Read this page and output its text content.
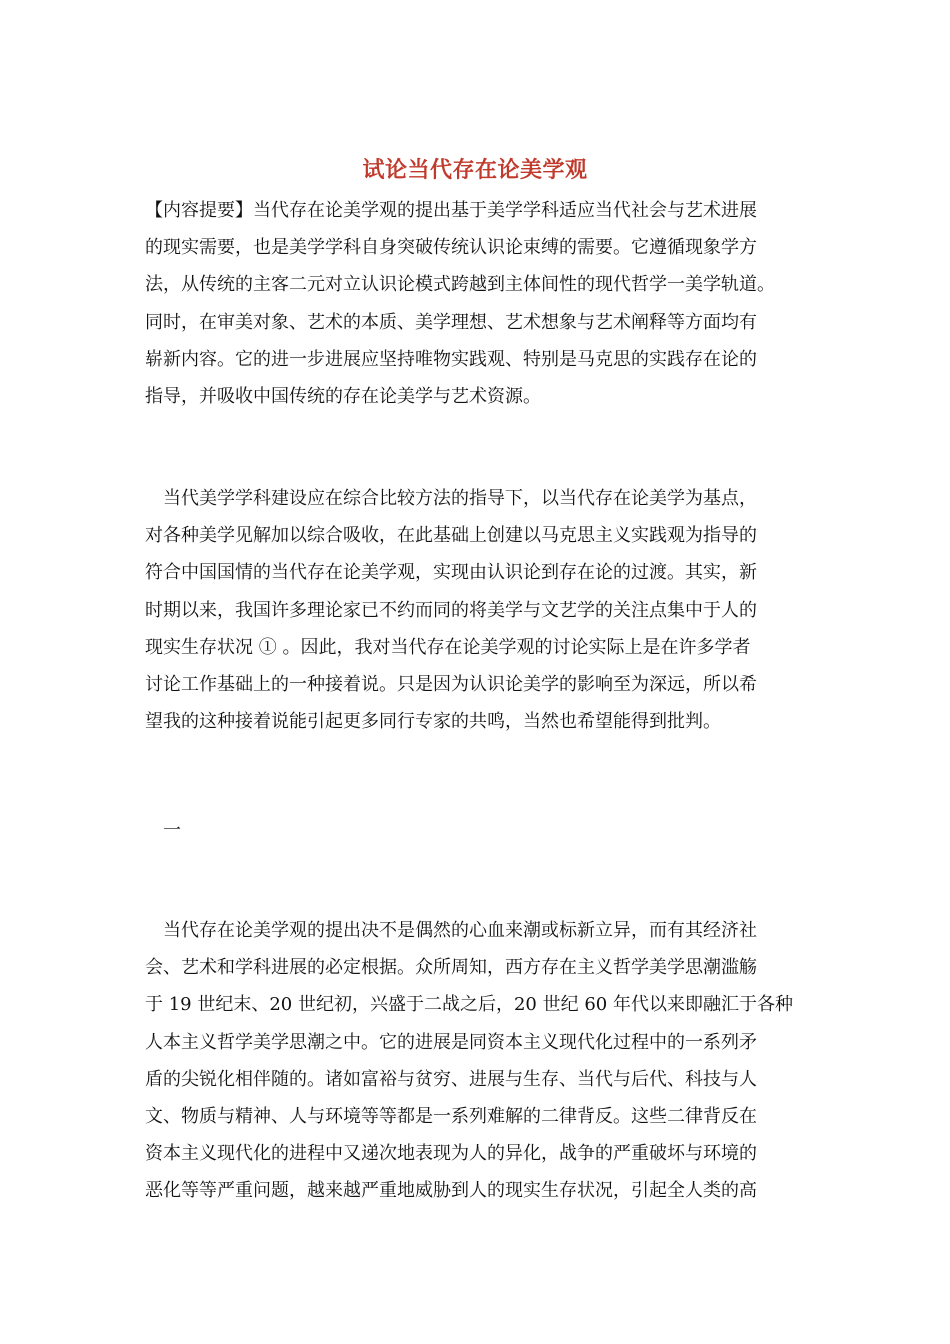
试论当代存在论美学观

【内容提要】当代存在论美学观的提出基于美学学科适应当代社会与艺术进展
的现实需要，也是美学学科自身突破传统认识论束缚的需要。它遵循现象学方
法，从传统的主客二元对立认识论模式跨越到主体间性的现代哲学一美学轨道。
同时，在审美对象、艺术的本质、美学理想、艺术想象与艺术阐释等方面均有
崭新内容。它的进一步进展应坚持唯物实践观、特别是马克思的实践存在论的
指导，并吸收中国传统的存在论美学与艺术资源。

　当代美学学科建设应在综合比较方法的指导下，以当代存在论美学为基点，
对各种美学见解加以综合吸收，在此基础上创建以马克思主义实践观为指导的
符合中国国情的当代存在论美学观，实现由认识论到存在论的过渡。其实，新
时期以来，我国许多理论家已不约而同的将美学与文艺学的关注点集中于人的
现实生存状况 ① 。因此，我对当代存在论美学观的讨论实际上是在许多学者
讨论工作基础上的一种接着说。只是因为认识论美学的影响至为深远，所以希
望我的这种接着说能引起更多同行专家的共鸣，当然也希望能得到批判。

一

　当代存在论美学观的提出决不是偶然的心血来潮或标新立异，而有其经济社
会、艺术和学科进展的必定根据。众所周知，西方存在主义哲学美学思潮滥觞
于 19 世纪末、20 世纪初，兴盛于二战之后，20 世纪 60 年代以来即融汇于各种
人本主义哲学美学思潮之中。它的进展是同资本主义现代化过程中的一系列矛
盾的尖锐化相伴随的。诸如富裕与贫穷、进展与生存、当代与后代、科技与人
文、物质与精神、人与环境等等都是一系列难解的二律背反。这些二律背反在
资本主义现代化的进程中又递次地表现为人的异化，战争的严重破坏与环境的
恶化等等严重问题，越来越严重地威胁到人的现实生存状况，引起全人类的高
